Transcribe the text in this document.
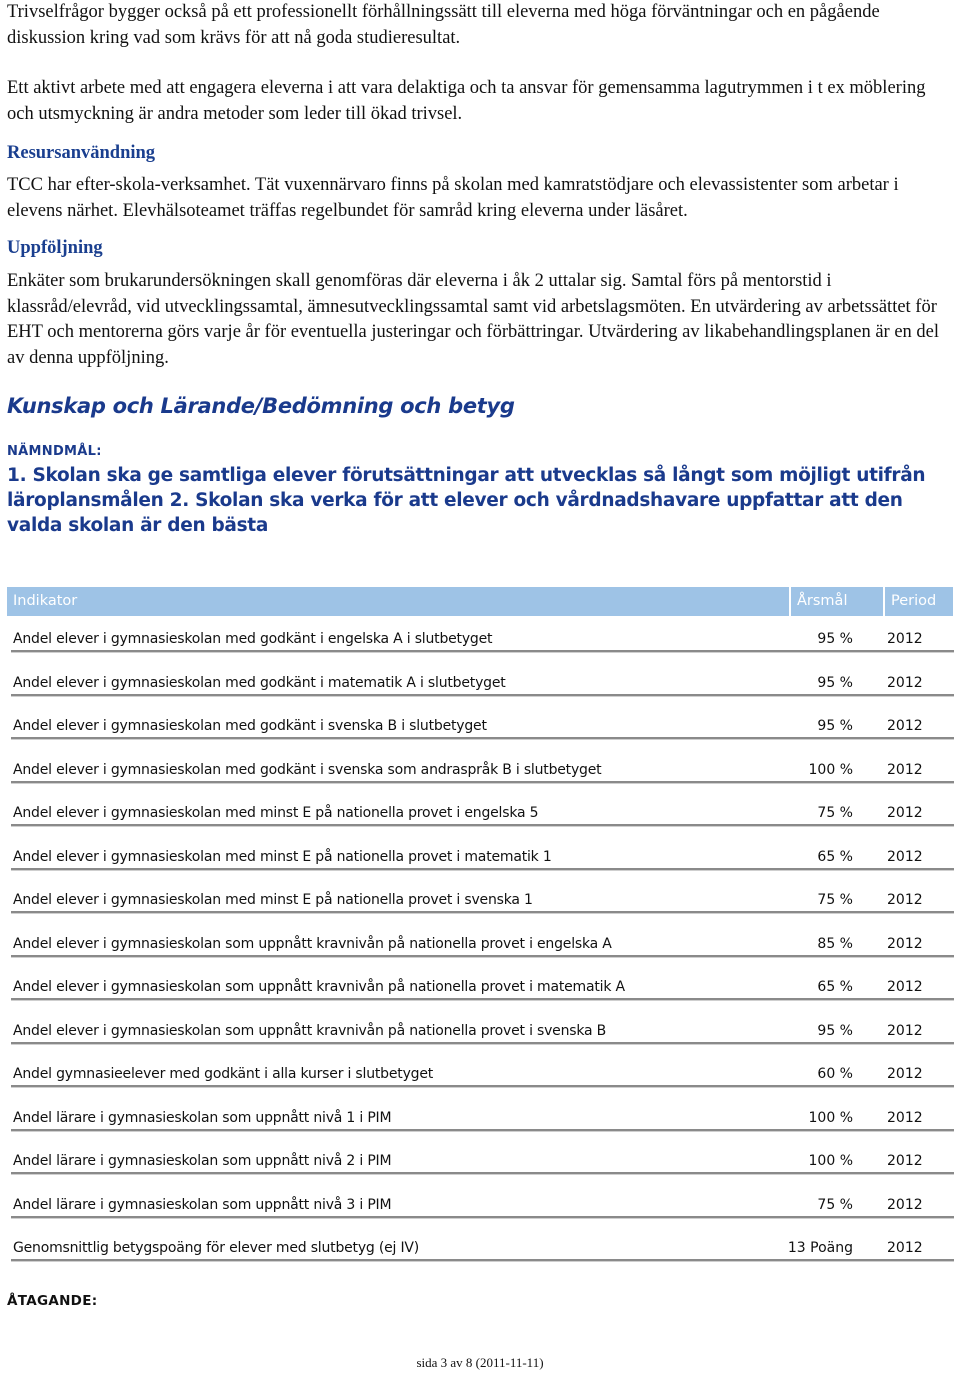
Trivselfrågor bygger också på ett professionellt förhållningssätt till eleverna med höga förväntningar och en pågående diskussion kring vad som krävs för att nå goda studieresultat.

Ett aktivt arbete med att engagera eleverna i att vara delaktiga och ta ansvar för gemensamma lagutrymmen i t ex möblering och utsmyckning är andra metoder som leder till ökad trivsel.

Resursanvändning

TCC har efter-skola-verksamhet. Tät vuxennärvaro finns på skolan med kamratstödjare och elevassistenter som arbetar i elevens närhet. Elevhälsoteamet träffas regelbundet för samråd kring eleverna under läsåret.

Uppföljning

Enkäter som brukarundersökningen skall genomföras där eleverna i åk 2 uttalar sig. Samtal förs på mentorstid i klassråd/elevråd, vid utvecklingssamtal, ämnesutvecklingssamtal samt vid arbetslagsmöten. En utvärdering av arbetssättet för EHT och mentorerna görs varje år för eventuella justeringar och förbättringar. Utvärdering av likabehandlingsplanen är en del av denna uppföljning.

Kunskap och Lärande/Bedömning och betyg
NÄMNDMÅL:

1. Skolan ska ge samtliga elever förutsättningar att utvecklas så långt som möjligt utifrån läroplansmålen 2. Skolan ska verka för att elever och vårdnadshavare uppfattar att den valda skolan är den bästa

Indikator	Årsmål	Period
Andel elever i gymnasieskolan med godkänt i engelska A i slutbetyget	95 % 2012
Andel elever i gymnasieskolan med godkänt i matematik A i slutbetyget	95 % 2012
Andel elever i gymnasieskolan med godkänt i svenska B i slutbetyget	95 % 2012
Andel elever i gymnasieskolan med godkänt i svenska som andraspråk B i slutbetyget	100 % 2012
Andel elever i gymnasieskolan med minst E på nationella provet i engelska 5	75 % 2012
Andel elever i gymnasieskolan med minst E på nationella provet i matematik 1	65 % 2012
Andel elever i gymnasieskolan med minst E på nationella provet i svenska 1	75 % 2012
Andel elever i gymnasieskolan som uppnått kravnivån på nationella provet i engelska A	85 % 2012
Andel elever i gymnasieskolan som uppnått kravnivån på nationella provet i matematik A	65 % 2012
Andel elever i gymnasieskolan som uppnått kravnivån på nationella provet i svenska B	95 % 2012
Andel gymnasieelever med godkänt i alla kurser i slutbetyget	60 % 2012
Andel lärare i gymnasieskolan som uppnått nivå 1 i PIM	100 % 2012
Andel lärare i gymnasieskolan som uppnått nivå 2 i PIM	100 % 2012
Andel lärare i gymnasieskolan som uppnått nivå 3 i PIM	75 % 2012
Genomsnittlig betygspoäng för elever med slutbetyg (ej IV)	13 Poäng 2012
ÅTAGANDE:
sida 3 av 8 (2011-11-11)
